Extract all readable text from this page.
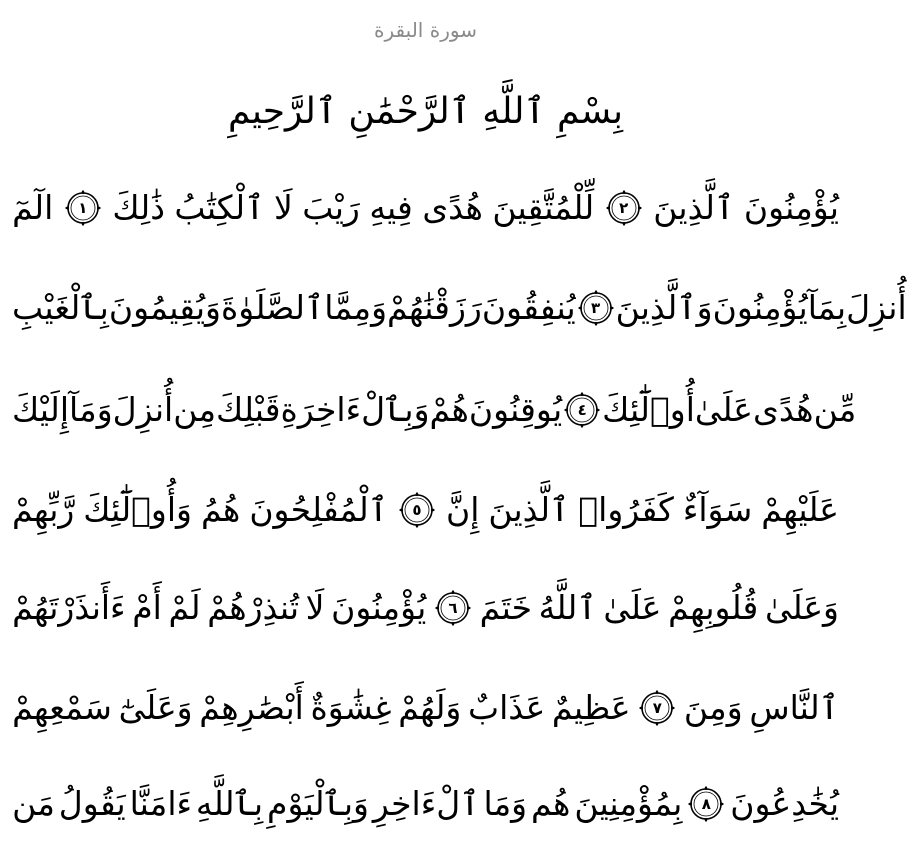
سورة البقرة
بِسْمِ ٱللَّهِ ٱلرَّحْمَٰنِ ٱلرَّحِيمِ
الٓمٓ ١ ذَٰلِكَ ٱلْكِتَٰبُ لَا رَيْبَ فِيهِ هُدًى لِّلْمُتَّقِينَ ٢ ٱلَّذِينَ يُؤْمِنُونَ
بِٱلْغَيْبِ وَيُقِيمُونَ ٱلصَّلَوٰةَ وَمِمَّا رَزَقْنَٰهُمْ يُنفِقُونَ ٣ وَٱلَّذِينَ يُؤْمِنُونَ بِمَآ أُنزِلَ
إِلَيْكَ وَمَآ أُنزِلَ مِن قَبْلِكَ وَبِٱلْءَاخِرَةِ هُمْ يُوقِنُونَ ٤ أُو۟لَٰٓئِكَ عَلَىٰ هُدًى مِّن
رَّبِّهِمْ وَأُو۟لَٰٓئِكَ هُمُ ٱلْمُفْلِحُونَ ٥ إِنَّ ٱلَّذِينَ كَفَرُوا۟ سَوَآءٌ عَلَيْهِمْ
ءَأَنذَرْتَهُمْ أَمْ لَمْ تُنذِرْهُمْ لَا يُؤْمِنُونَ ٦ خَتَمَ ٱللَّهُ عَلَىٰ قُلُوبِهِمْ وَعَلَىٰ
سَمْعِهِمْ وَعَلَىٰٓ أَبْصَٰرِهِمْ غِشَٰوَةٌ وَلَهُمْ عَذَابٌ عَظِيمٌ ٧ وَمِنَ ٱلنَّاسِ
مَن يَقُولُ ءَامَنَّا بِٱللَّهِ وَبِٱلْيَوْمِ ٱلْءَاخِرِ وَمَا هُم بِمُؤْمِنِينَ ٨ يُخَٰدِعُونَ
